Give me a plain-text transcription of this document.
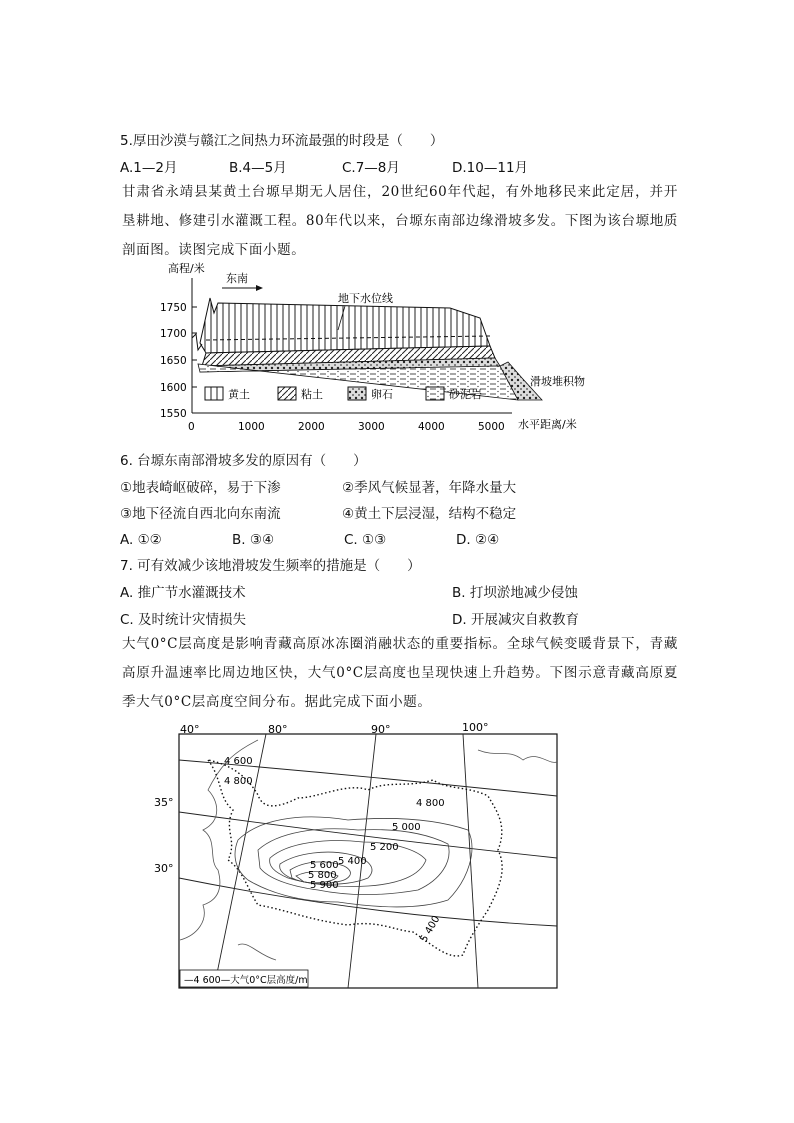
5.厚田沙漠与赣江之间热力环流最强的时段是（　　）
A.1—2月	B.4—5月	C.7—8月	D.10—11月
甘肃省永靖县某黄土台塬早期无人居住，20世纪60年代起，有外地移民来此定居，并开垦耕地、修建引水灌溉工程。80年代以来，台塬东南部边缘滑坡多发。下图为该台塬地质剖面图。读图完成下面小题。
高程/米
1750
1700
1650
1600
1550
0	1000	2000	3000	4000	5000 水平距离/米
东南
地下水位线
滑坡堆积物
黄土	粘土	卵石	砂泥岩
6. 台塬东南部滑坡多发的原因有（　　）
①地表崎岖破碎，易于下渗	②季风气候显著，年降水量大
③地下径流自西北向东南流	④黄土下层浸湿，结构不稳定
A. ①②	B. ③④	C. ①③	D. ②④
7. 可有效减少该地滑坡发生频率的措施是（　　）
A. 推广节水灌溉技术	B. 打坝淤地减少侵蚀
C. 及时统计灾情损失	D. 开展减灾自救教育
大气0°C层高度是影响青藏高原冰冻圈消融状态的重要指标。全球气候变暖背景下，青藏高原升温速率比周边地区快，大气0°C层高度也呈现快速上升趋势。下图示意青藏高原夏季大气0°C层高度空间分布。据此完成下面小题。
40°	80°	90°	100°
35°
30°
4 600
4 800
4 800
5 000
5 200
5 400
5 600
5 800
5 900
5 400
—4 600—大气0°C层高度/m
